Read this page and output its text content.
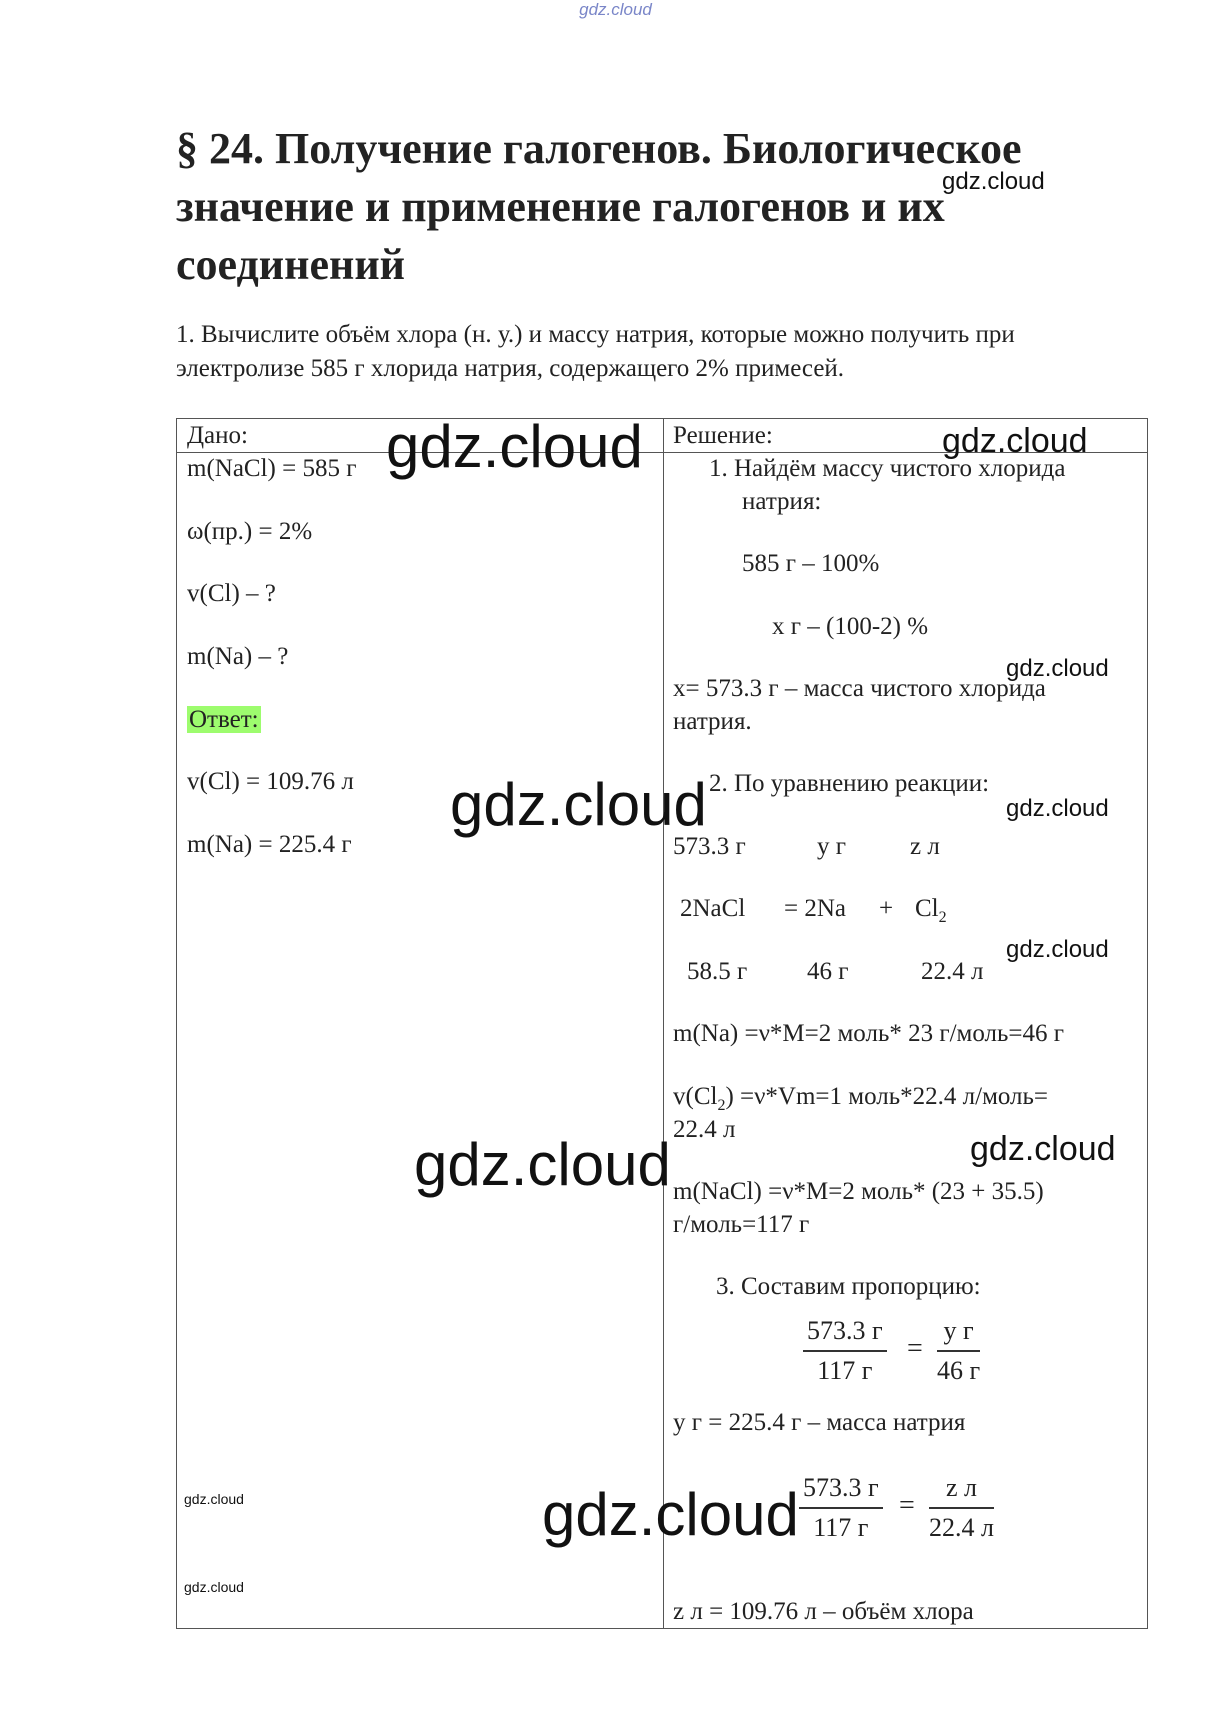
gdz.cloud
§ 24. Получение галогенов. Биологическое значение и применение галогенов и их соединений
1. Вычислите объём хлора (н. у.) и массу натрия, которые можно получить при электролизе 585 г хлорида натрия, содержащего 2% примесей.
Дано:
m(NaCl) = 585 г
ω(пр.) = 2%
v(Cl) – ?
m(Na) – ?
Ответ:
v(Cl) = 109.76 л
m(Na) = 225.4 г
Решение:
1. Найдём массу чистого хлорида
натрия:
585 г – 100%
x г – (100-2) %
x= 573.3 г – масса чистого хлорида
натрия.
2. По уравнению реакции:
573.3 г	y г	z л
2NaCl = $2Na + Cl_2$
58.5 г 46 г	22.4 л
m(Na) =ν*M=2 моль* 23 г/моль=46 г
$v(Cl_2) =\nu*Vm=1$ моль*22.4 л/моль=
22.4 л
m(NaCl) =ν*M=2 моль* (23 + 35.5)
г/моль=117 г
3. Составим пропорцию:
573.3 г
117 г
=
y г
46 г
y г = 225.4 г – масса натрия
573.3 г
117 г
=
z л
22.4 л
z л = 109.76 л – объём хлора
gdz.cloud
gdz.cloud	gdz.cloud
gdz.cloud
gdz.cloud	gdz.cloud
gdz.cloud
gdz.cloud	gdz.cloud
gdz.cloud	gdz.cloud
gdz.cloud
